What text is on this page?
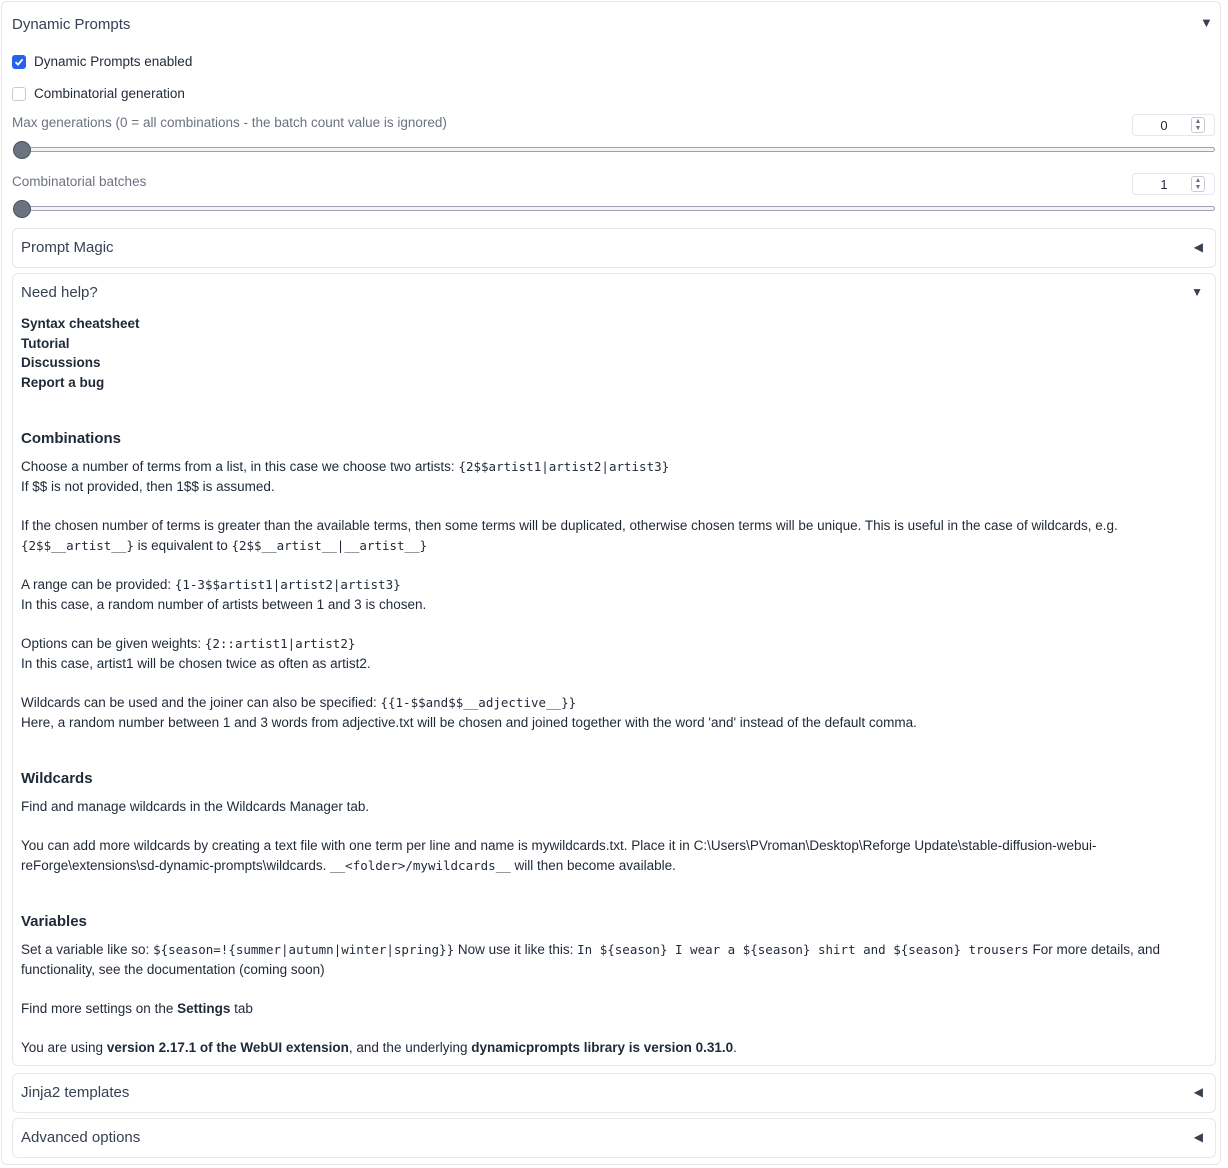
Dynamic Prompts	▼
Dynamic Prompts enabled
Combinatorial generation
Max generations (0 = all combinations - the batch count value is ignored)	0	▲
▼
Combinatorial batches	1	▲
▼
Prompt Magic	◀
Need help?	▼
Syntax cheatsheet
Tutorial
Discussions
Report a bug
Combinations

Choose a number of terms from a list, in this case we choose two artists: {2$$artist1|artist2|artist3}
If $$ is not provided, then 1$$ is assumed.

If the chosen number of terms is greater than the available terms, then some terms will be duplicated, otherwise chosen terms will be unique. This is useful in the case of wildcards, e.g. {2$$__artist__} is equivalent to {2$$__artist__|__artist__}

A range can be provided: {1-3$$artist1|artist2|artist3}
In this case, a random number of artists between 1 and 3 is chosen.

Options can be given weights: {2::artist1|artist2}
In this case, artist1 will be chosen twice as often as artist2.

Wildcards can be used and the joiner can also be specified: {{1-$$and$$__adjective__}}
Here, a random number between 1 and 3 words from adjective.txt will be chosen and joined together with the word 'and' instead of the default comma.

Wildcards

Find and manage wildcards in the Wildcards Manager tab.

You can add more wildcards by creating a text file with one term per line and name is mywildcards.txt. Place it in C:\Users\PVroman\Desktop\Reforge Update\stable-diffusion-webui-reForge\extensions\sd-dynamic-prompts\wildcards. __<folder>/mywildcards__ will then become available.

Variables

Set a variable like so: ${season=!{summer|autumn|winter|spring}} Now use it like this: In ${season} I wear a ${season} shirt and ${season} trousers For more details, and functionality, see the documentation (coming soon)

Find more settings on the Settings tab

You are using version 2.17.1 of the WebUI extension, and the underlying dynamicprompts library is version 0.31.0.

Jinja2 templates	◀
Advanced options	◀
